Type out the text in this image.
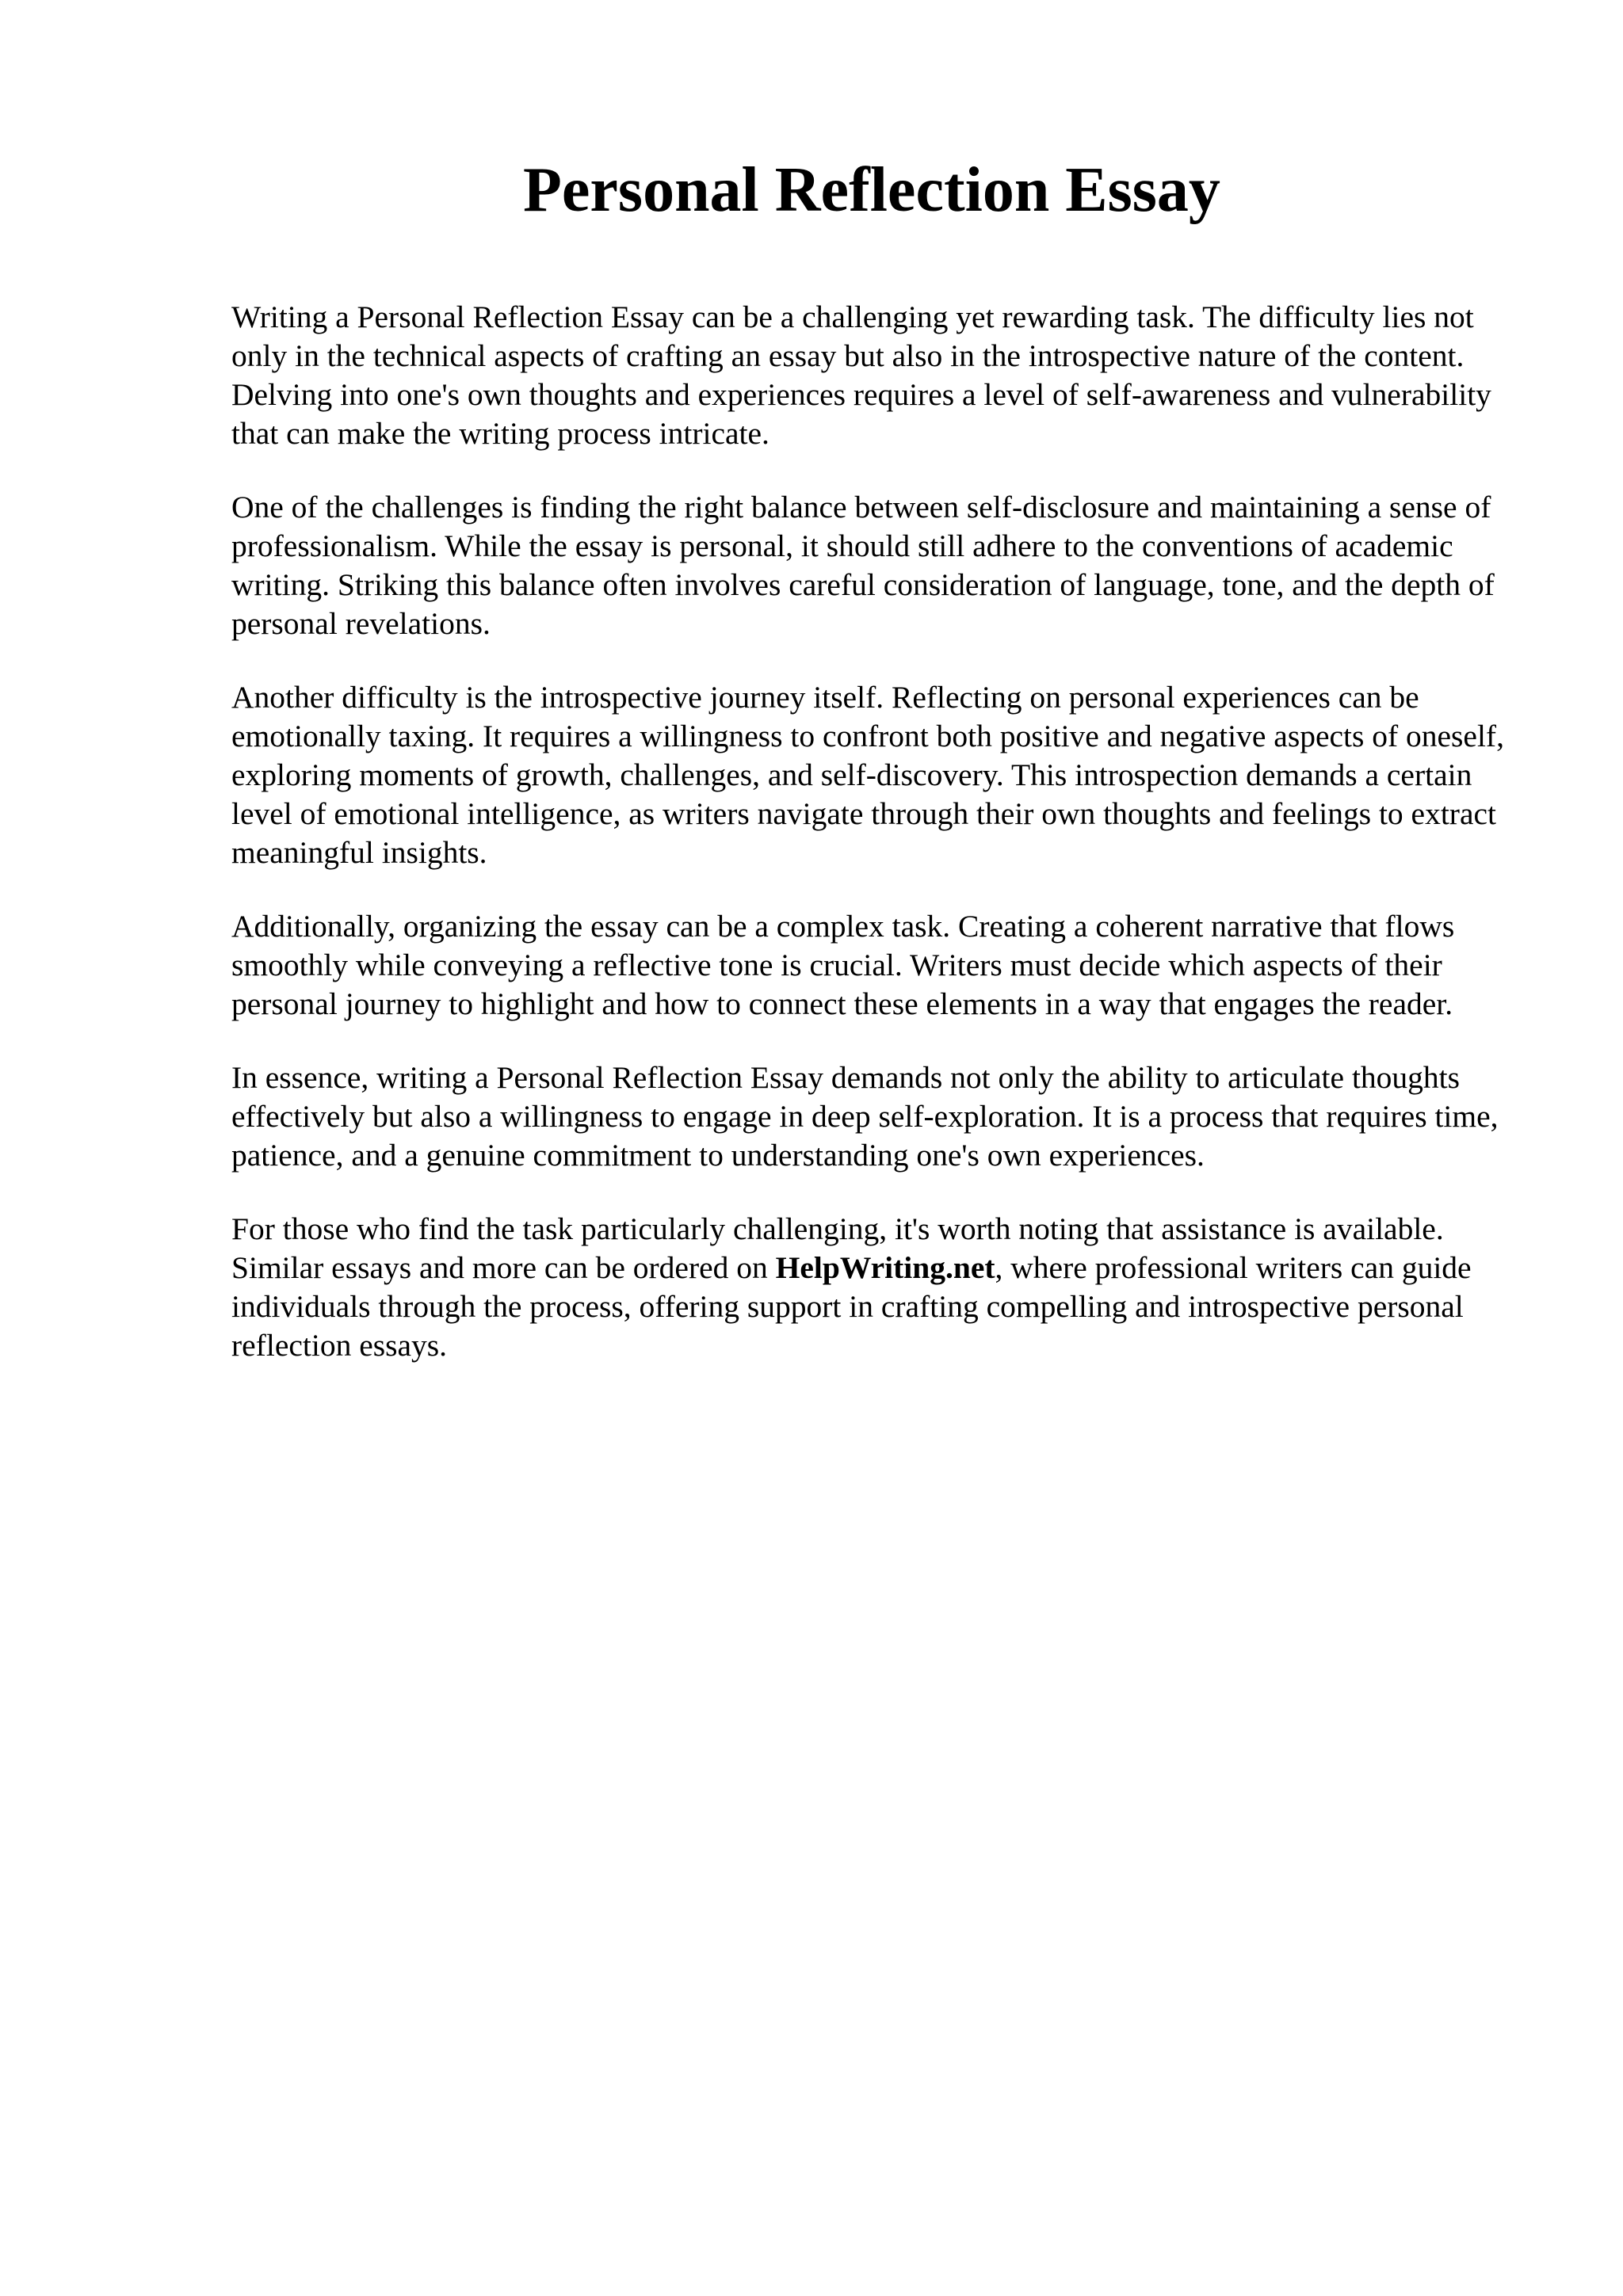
Personal Reflection Essay

Writing a Personal Reflection Essay can be a challenging yet rewarding task. The difficulty lies not only in the technical aspects of crafting an essay but also in the introspective nature of the content. Delving into one's own thoughts and experiences requires a level of self-awareness and vulnerability that can make the writing process intricate.

One of the challenges is finding the right balance between self-disclosure and maintaining a sense of professionalism. While the essay is personal, it should still adhere to the conventions of academic writing. Striking this balance often involves careful consideration of language, tone, and the depth of personal revelations.

Another difficulty is the introspective journey itself. Reflecting on personal experiences can be emotionally taxing. It requires a willingness to confront both positive and negative aspects of oneself, exploring moments of growth, challenges, and self-discovery. This introspection demands a certain level of emotional intelligence, as writers navigate through their own thoughts and feelings to extract meaningful insights.

Additionally, organizing the essay can be a complex task. Creating a coherent narrative that flows smoothly while conveying a reflective tone is crucial. Writers must decide which aspects of their personal journey to highlight and how to connect these elements in a way that engages the reader.

In essence, writing a Personal Reflection Essay demands not only the ability to articulate thoughts effectively but also a willingness to engage in deep self-exploration. It is a process that requires time, patience, and a genuine commitment to understanding one's own experiences.

For those who find the task particularly challenging, it's worth noting that assistance is available. Similar essays and more can be ordered on HelpWriting.net, where professional writers can guide individuals through the process, offering support in crafting compelling and introspective personal reflection essays.
